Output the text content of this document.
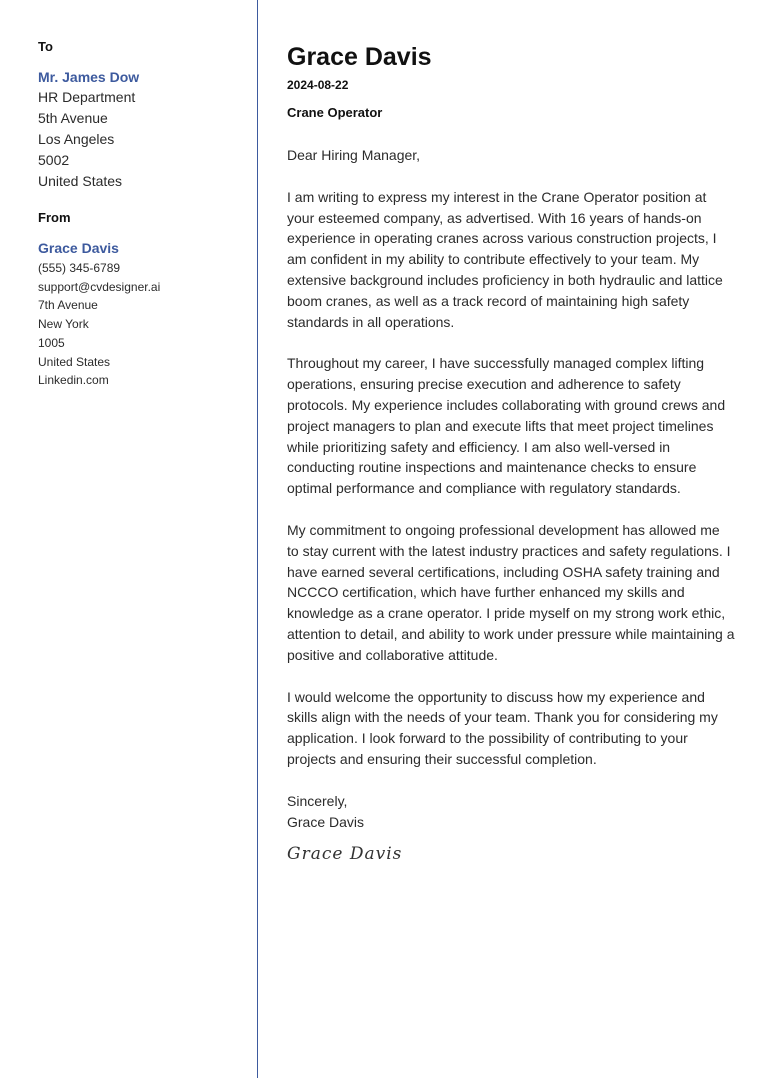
To
Mr. James Dow
HR Department
5th Avenue
Los Angeles
5002
United States
From
Grace Davis
(555) 345-6789
support@cvdesigner.ai
7th Avenue
New York
1005
United States
Linkedin.com
Grace Davis
2024-08-22
Crane Operator
Dear Hiring Manager,

I am writing to express my interest in the Crane Operator position at your esteemed company, as advertised. With 16 years of hands-on experience in operating cranes across various construction projects, I am confident in my ability to contribute effectively to your team. My extensive background includes proficiency in both hydraulic and lattice boom cranes, as well as a track record of maintaining high safety standards in all operations.

Throughout my career, I have successfully managed complex lifting operations, ensuring precise execution and adherence to safety protocols. My experience includes collaborating with ground crews and project managers to plan and execute lifts that meet project timelines while prioritizing safety and efficiency. I am also well-versed in conducting routine inspections and maintenance checks to ensure optimal performance and compliance with regulatory standards.

My commitment to ongoing professional development has allowed me to stay current with the latest industry practices and safety regulations. I have earned several certifications, including OSHA safety training and NCCCO certification, which have further enhanced my skills and knowledge as a crane operator. I pride myself on my strong work ethic, attention to detail, and ability to work under pressure while maintaining a positive and collaborative attitude.

I would welcome the opportunity to discuss how my experience and skills align with the needs of your team. Thank you for considering my application. I look forward to the possibility of contributing to your projects and ensuring their successful completion.

Sincerely,
Grace Davis
Grace Davis
